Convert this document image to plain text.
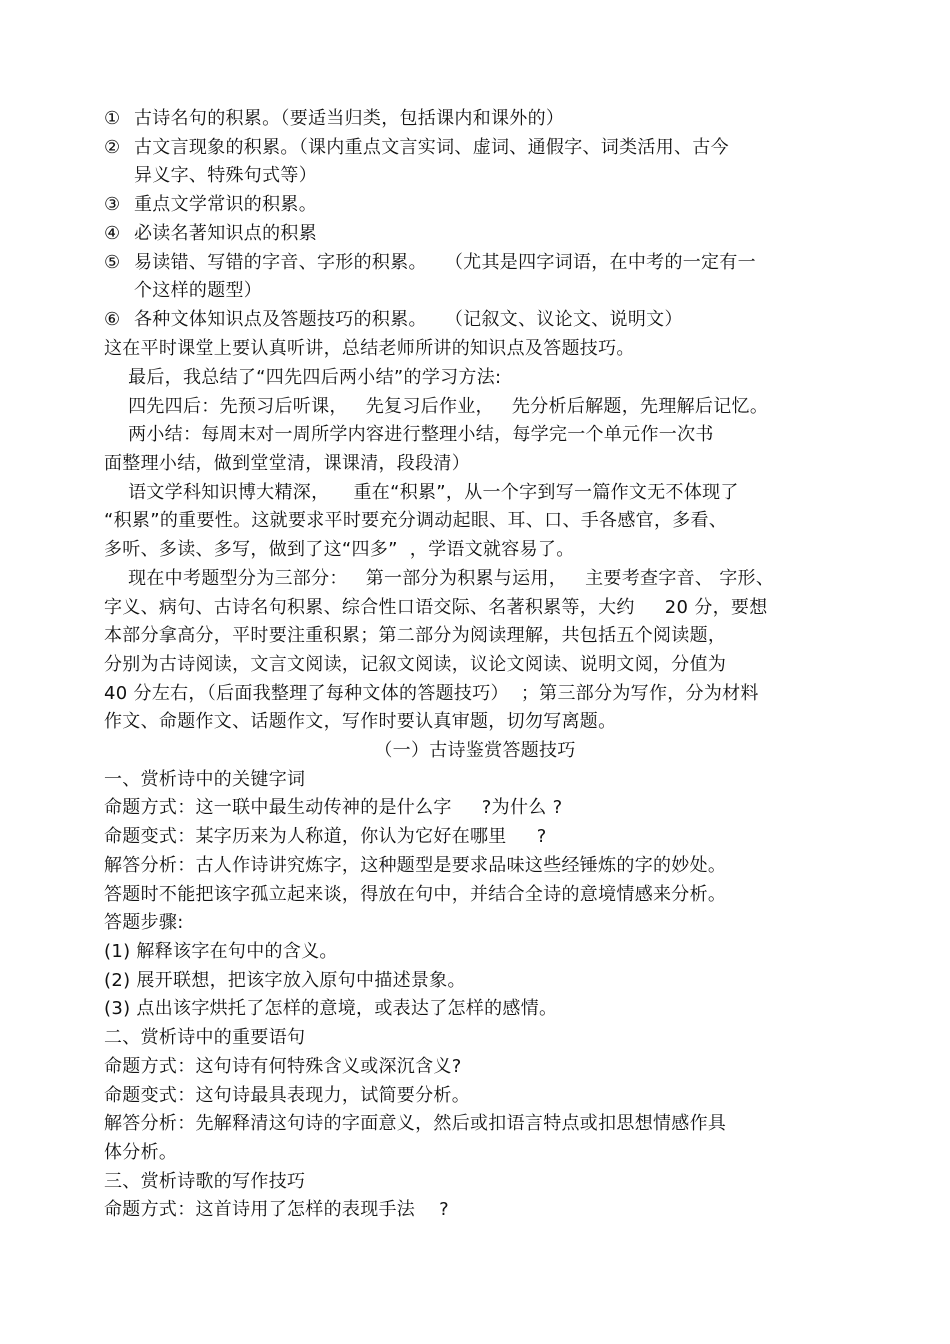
① 古诗名句的积累。（要适当归类，包括课内和课外的）
② 古文言现象的积累。（课内重点文言实词、虚词、通假字、词类活用、古今
异义字、特殊句式等）
③ 重点文学常识的积累。
④ 必读名著知识点的积累
⑤ 易读错、写错的字音、字形的积累。   （尤其是四字词语，在中考的一定有一
个这样的题型）
⑥ 各种文体知识点及答题技巧的积累。   （记叙文、议论文、说明文）
这在平时课堂上要认真听讲，总结老师所讲的知识点及答题技巧。
最后，我总结了“四先四后两小结”的学习方法:
四先四后：先预习后听课，   先复习后作业，   先分析后解题，先理解后记忆。
两小结：每周末对一周所学内容进行整理小结，每学完一个单元作一次书
面整理小结，做到堂堂清，课课清，段段清）
语文学科知识博大精深，    重在“积累”，从一个字到写一篇作文无不体现了
“积累”的重要性。这就要求平时要充分调动起眼、耳、口、手各感官，多看、
多听、多读、多写，做到了这“四多”  ，学语文就容易了。
现在中考题型分为三部分：   第一部分为积累与运用，   主要考查字音、 字形、
字义、病句、古诗名句积累、综合性口语交际、名著积累等，大约     20 分，要想
本部分拿高分，平时要注重积累；第二部分为阅读理解，共包括五个阅读题，
分别为古诗阅读，文言文阅读，记叙文阅读，议论文阅读、说明文阅，分值为
40 分左右，（后面我整理了每种文体的答题技巧）  ；第三部分为写作，分为材料
作文、命题作文、话题作文，写作时要认真审题，切勿写离题。
（一）古诗鉴赏答题技巧
一、赏析诗中的关键字词
命题方式：这一联中最生动传神的是什么字     ?为什么 ?
命题变式：某字历来为人称道，你认为它好在哪里     ?
解答分析：古人作诗讲究炼字，这种题型是要求品味这些经锤炼的字的妙处。
答题时不能把该字孤立起来谈，得放在句中，并结合全诗的意境情感来分析。
答题步骤:
(1) 解释该字在句中的含义。
(2) 展开联想，把该字放入原句中描述景象。
(3) 点出该字烘托了怎样的意境，或表达了怎样的感情。
二、赏析诗中的重要语句
命题方式：这句诗有何特殊含义或深沉含义?
命题变式：这句诗最具表现力，试简要分析。
解答分析：先解释清这句诗的字面意义，然后或扣语言特点或扣思想情感作具
体分析。
三、赏析诗歌的写作技巧
命题方式：这首诗用了怎样的表现手法    ?
